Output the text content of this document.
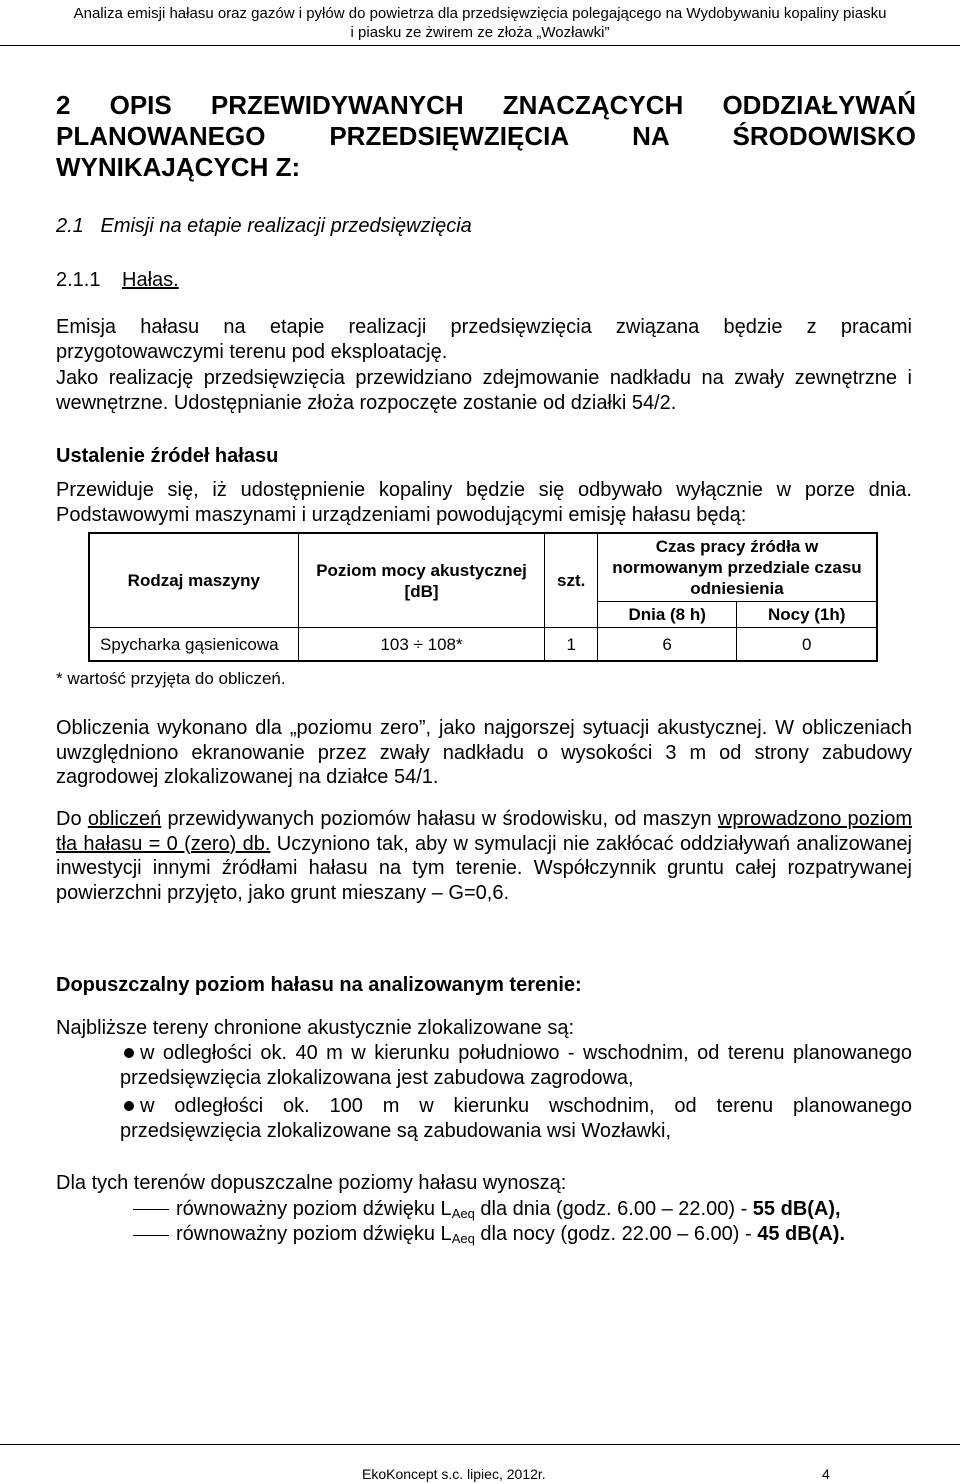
Analiza emisji hałasu oraz gazów i pyłów do powietrza dla przedsięwzięcia polegającego na Wydobywaniu kopaliny piasku
i piasku ze żwirem ze złoża „Wozławki”
2 OPIS PRZEWIDYWANYCH ZNACZĄCYCH ODDZIAŁYWAŃ
PLANOWANEGO PRZEDSIĘWZIĘCIA NA ŚRODOWISKO
WYNIKAJĄCYCH Z:
2.1 Emisji na etapie realizacji przedsięwzięcia
2.1.1 Hałas.
Emisja hałasu na etapie realizacji przedsięwzięcia związana będzie z pracami przygotowawczymi terenu pod eksploatację.
Jako realizację przedsięwzięcia przewidziano zdejmowanie nadkładu na zwały zewnętrzne i wewnętrzne. Udostępnianie złoża rozpoczęte zostanie od działki 54/2.
Ustalenie źródeł hałasu
Przewiduje się, iż udostępnienie kopaliny będzie się odbywało wyłącznie w porze dnia. Podstawowymi maszynami i urządzeniami powodującymi emisję hałasu będą:
Rodzaj maszyny	Poziom mocy akustycznej [dB]	szt.	Czas pracy źródła w normowanym przedziale czasu odniesienia	
			Dnia (8 h)	Nocy (1h)
Spycharka gąsienicowa	103 ÷ 108*	1	6	0
* wartość przyjęta do obliczeń.
Obliczenia wykonano dla „poziomu zero”, jako najgorszej sytuacji akustycznej. W obliczeniach uwzględniono ekranowanie przez zwały nadkładu o wysokości 3 m od strony zabudowy zagrodowej zlokalizowanej na działce 54/1.
Do obliczeń przewidywanych poziomów hałasu w środowisku, od maszyn wprowadzono poziom tła hałasu = 0 (zero) db. Uczyniono tak, aby w symulacji nie zakłócać oddziaływań analizowanej inwestycji innymi źródłami hałasu na tym terenie. Współczynnik gruntu całej rozpatrywanej powierzchni przyjęto, jako grunt mieszany – G=0,6.
Dopuszczalny poziom hałasu na analizowanym terenie:
Najbliższe tereny chronione akustycznie zlokalizowane są:
w odległości ok. 40 m w kierunku południowo - wschodnim, od terenu planowanego przedsięwzięcia zlokalizowana jest zabudowa zagrodowa,
w odległości ok. 100 m w kierunku wschodnim, od terenu planowanego przedsięwzięcia zlokalizowane są zabudowania wsi Wozławki,
Dla tych terenów dopuszczalne poziomy hałasu wynoszą:
równoważny poziom dźwięku $L_{Aeq}$ dla dnia (godz. 6.00 – 22.00) - 55 dB(A),
równoważny poziom dźwięku $L_{Aeq}$ dla nocy (godz. 22.00 – 6.00) - 45 dB(A).
EkoKoncept s.c. lipiec, 2012r.	4
